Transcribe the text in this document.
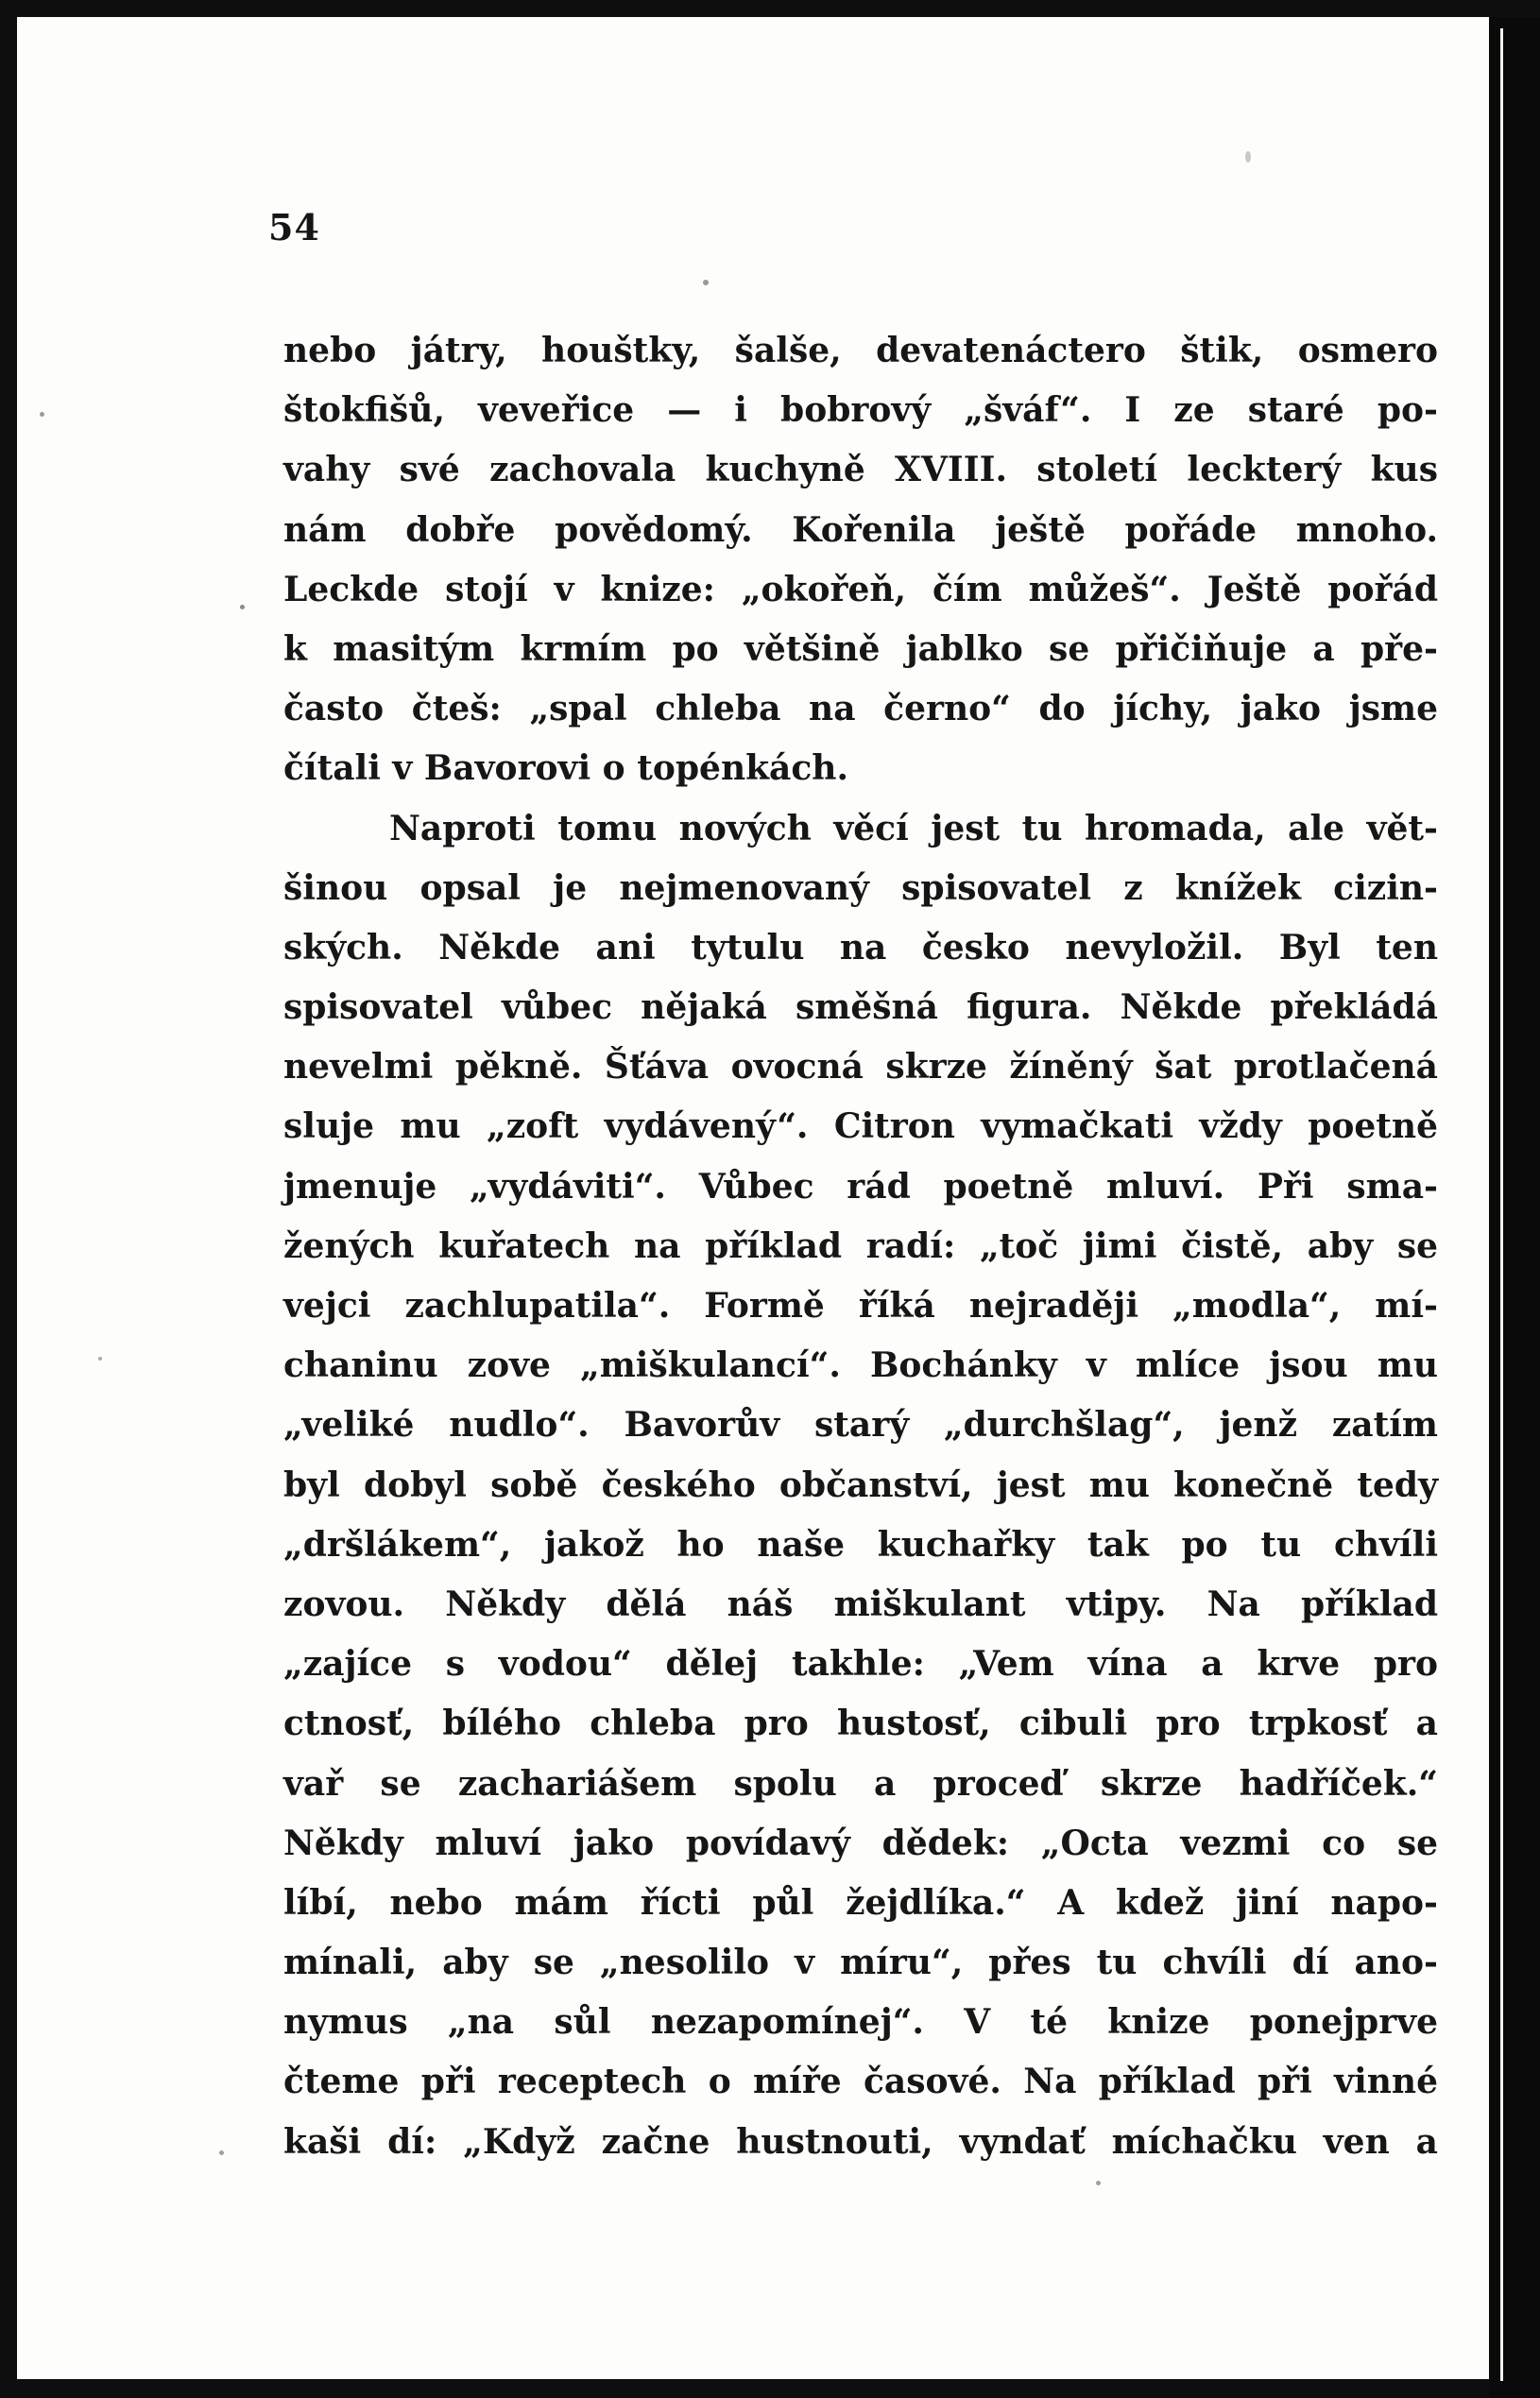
54
nebo játry, houštky, šalše, devatenáctero štik, osmero
štokfišů, veveřice — i bobrový „šváf“. I ze staré po-
vahy své zachovala kuchyně XVIII. století leckterý kus
nám dobře povědomý. Kořenila ještě pořáde mnoho.
Leckde stojí v knize: „okořeň, čím můžeš“. Ještě pořád
k masitým krmím po většině jablko se přičiňuje a pře-
často čteš: „spal chleba na černo“ do jíchy, jako jsme
čítali v Bavorovi o topénkách.
Naproti tomu nových věcí jest tu hromada, ale vět-
šinou opsal je nejmenovaný spisovatel z knížek cizin-
ských. Někde ani tytulu na česko nevyložil. Byl ten
spisovatel vůbec nějaká směšná figura. Někde překládá
nevelmi pěkně. Šťáva ovocná skrze žíněný šat protlačená
sluje mu „zoft vydávený“. Citron vymačkati vždy poetně
jmenuje „vydáviti“. Vůbec rád poetně mluví. Při sma-
žených kuřatech na příklad radí: „toč jimi čistě, aby se
vejci zachlupatila“. Formě říká nejraději „modla“, mí-
chaninu zove „miškulancí“. Bochánky v mlíce jsou mu
„veliké nudlo“. Bavorův starý „durchšlag“, jenž zatím
byl dobyl sobě českého občanství, jest mu konečně tedy
„dršlákem“, jakož ho naše kuchařky tak po tu chvíli
zovou. Někdy dělá náš miškulant vtipy. Na příklad
„zajíce s vodou“ dělej takhle: „Vem vína a krve pro
ctnosť, bílého chleba pro hustosť, cibuli pro trpkosť a
vař se zachariášem spolu a proceď skrze hadříček.“
Někdy mluví jako povídavý dědek: „Octa vezmi co se
líbí, nebo mám řícti půl žejdlíka.“ A kdež jiní napo-
mínali, aby se „nesolilo v míru“, přes tu chvíli dí ano-
nymus „na sůl nezapomínej“. V té knize ponejprve
čteme při receptech o míře časové. Na příklad při vinné
kaši dí: „Když začne hustnouti, vyndať míchačku ven a
